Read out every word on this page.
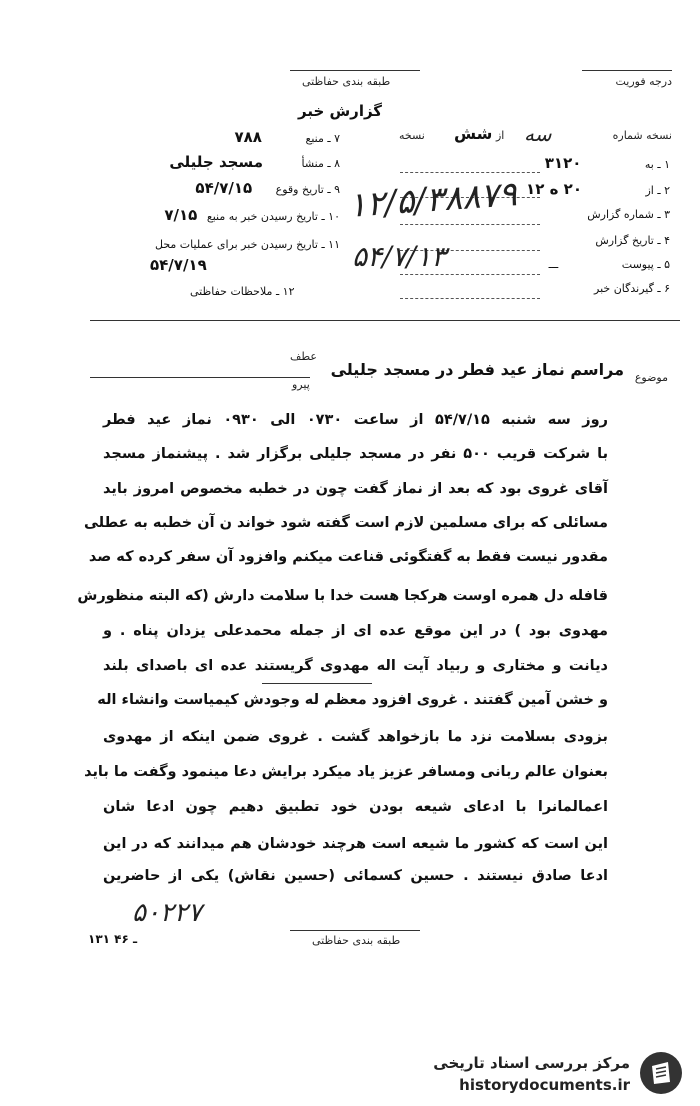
درجه فوریت
طبقه بندی حفاظتی
گزارش خبر
نسخه شماره
سه
از
شش
نسخه
۱ ـ به ۳۱۲۰
۲ ـ از ۲۰ ه ۱۲
۳ ـ شماره گزارش
۴ ـ تاریخ گزارش
۵ ـ پیوست ـــ
۶ ـ گیرندگان خبر
۷ ـ منبع ۷۸۸
۸ ـ منشأ مسجد جلیلی
۹ ـ تاریخ وقوع ۵۴/۷/۱۵
۱۰ ـ تاریخ رسیدن خبر به منبع ۷/۱۵
۱۱ ـ تاریخ رسیدن خبر برای عملیات محل
۵۴/۷/۱۹
۱۲ ـ ملاحظات حفاظتی
۱۲/۵/۳۸۸۷۹
۵۴/۷/۱۳
موضوع
مراسم نماز عید فطر در مسجد جلیلی
عطف
پیرو
روز سه شنبه ۵۴/۷/۱۵ از ساعت ۰۷۳۰ الی ۰۹۳۰ نماز عید فطر
با شرکت قریب ۵۰۰ نفر در مسجد جلیلی برگزار شد . پیشنماز مسجد
آقای غروی بود که بعد از نماز گفت چون در خطبه مخصوص امروز باید
مسائلی که برای مسلمین لازم است گفته شود خواند ن آن خطبه به عطلی
مقدور نیست فقط به گفتگوئی قناعت میکنم وافزود آن سفر کرده که صد
قافله دل همره اوست هرکجا هست خدا با سلامت دارش (که البته منظورش
مهدوی بود ) در این موقع عده ای از جمله محمدعلی یزدان پناه . و
دیانت و مختاری و ربیاد آیت اله مهدوی گریستند عده ای باصدای بلند
و خشن آمین گفتند . غروی افزود معظم له وجودش کیمیاست وانشاء اله
بزودی بسلامت نزد ما بازخواهد گشت . غروی ضمن اینکه از مهدوی
بعنوان عالم ربانی ومسافر عزیز یاد میکرد برایش دعا مینمود وگفت ما باید
اعمالمانرا با ادعای شیعه بودن خود تطبیق دهیم چون ادعا شان
این است که کشور ما شیعه است هرچند خودشان هم میدانند که در این
ادعا صادق نیستند . حسین کسمائی (حسین نقاش) یکی از حاضرین
۵۰۲۲۷
طبقه بندی حفاظتی
۱۳۱ ـ ۴۶
مرکز بررسی اسناد تاریخی
historydocuments.ir
